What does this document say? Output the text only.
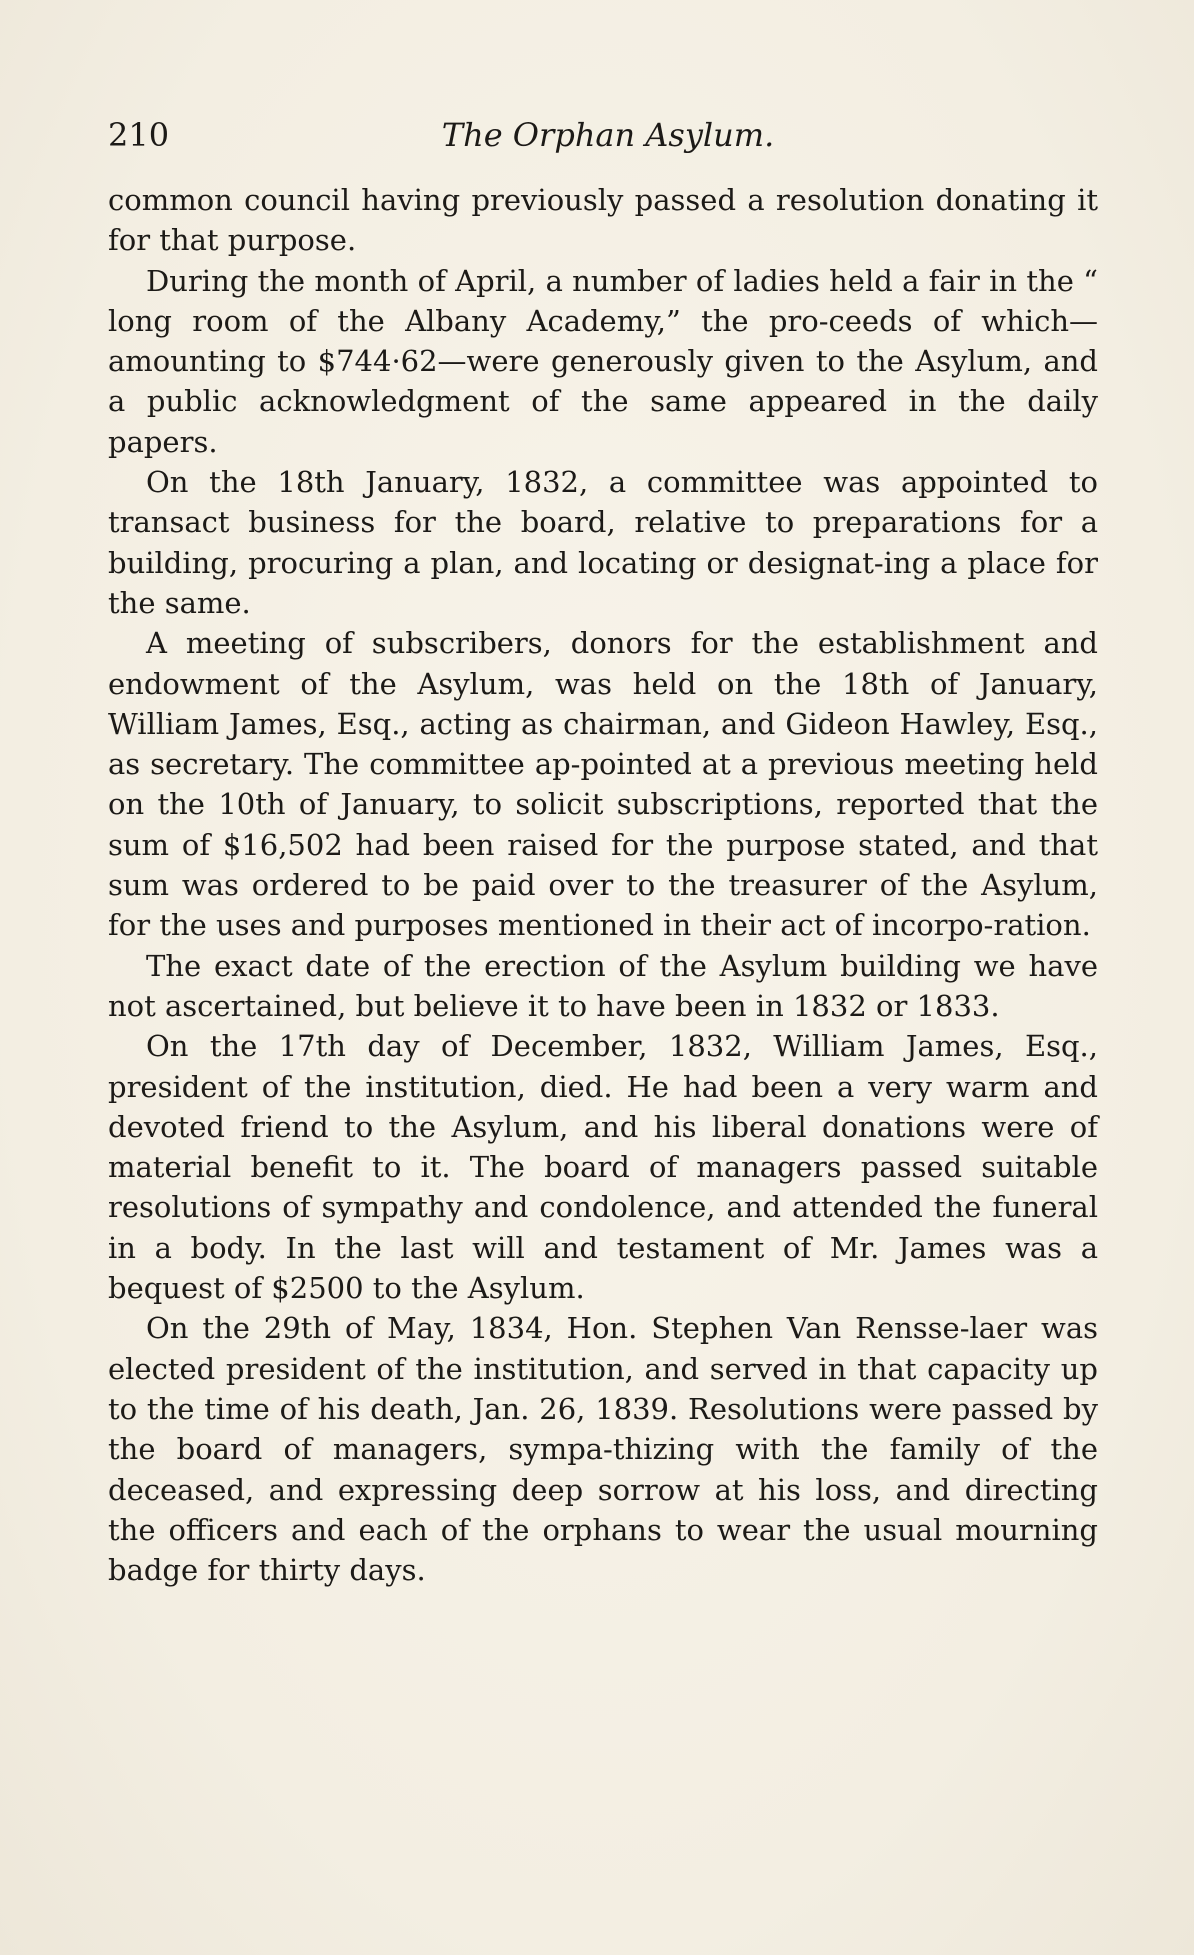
210	The Orphan Asylum.

common council having previously passed a resolution donating it for that purpose.

During the month of April, a number of ladies held a fair in the “ long room of the Albany Academy,” the pro-ceeds of which—amounting to $744·62—were generously given to the Asylum, and a public acknowledgment of the same appeared in the daily papers.

On the 18th January, 1832, a committee was appointed to transact business for the board, relative to preparations for a building, procuring a plan, and locating or designat-ing a place for the same.

A meeting of subscribers, donors for the establishment and endowment of the Asylum, was held on the 18th of January, William James, Esq., acting as chairman, and Gideon Hawley, Esq., as secretary. The committee ap-pointed at a previous meeting held on the 10th of January, to solicit subscriptions, reported that the sum of $16,502 had been raised for the purpose stated, and that sum was ordered to be paid over to the treasurer of the Asylum, for the uses and purposes mentioned in their act of incorpo-ration.

The exact date of the erection of the Asylum building we have not ascertained, but believe it to have been in 1832 or 1833.

On the 17th day of December, 1832, William James, Esq., president of the institution, died. He had been a very warm and devoted friend to the Asylum, and his liberal donations were of material benefit to it. The board of managers passed suitable resolutions of sympathy and condolence, and attended the funeral in a body. In the last will and testament of Mr. James was a bequest of $2500 to the Asylum.

On the 29th of May, 1834, Hon. Stephen Van Rensse-laer was elected president of the institution, and served in that capacity up to the time of his death, Jan. 26, 1839. Resolutions were passed by the board of managers, sympa-thizing with the family of the deceased, and expressing deep sorrow at his loss, and directing the officers and each of the orphans to wear the usual mourning badge for thirty days.
